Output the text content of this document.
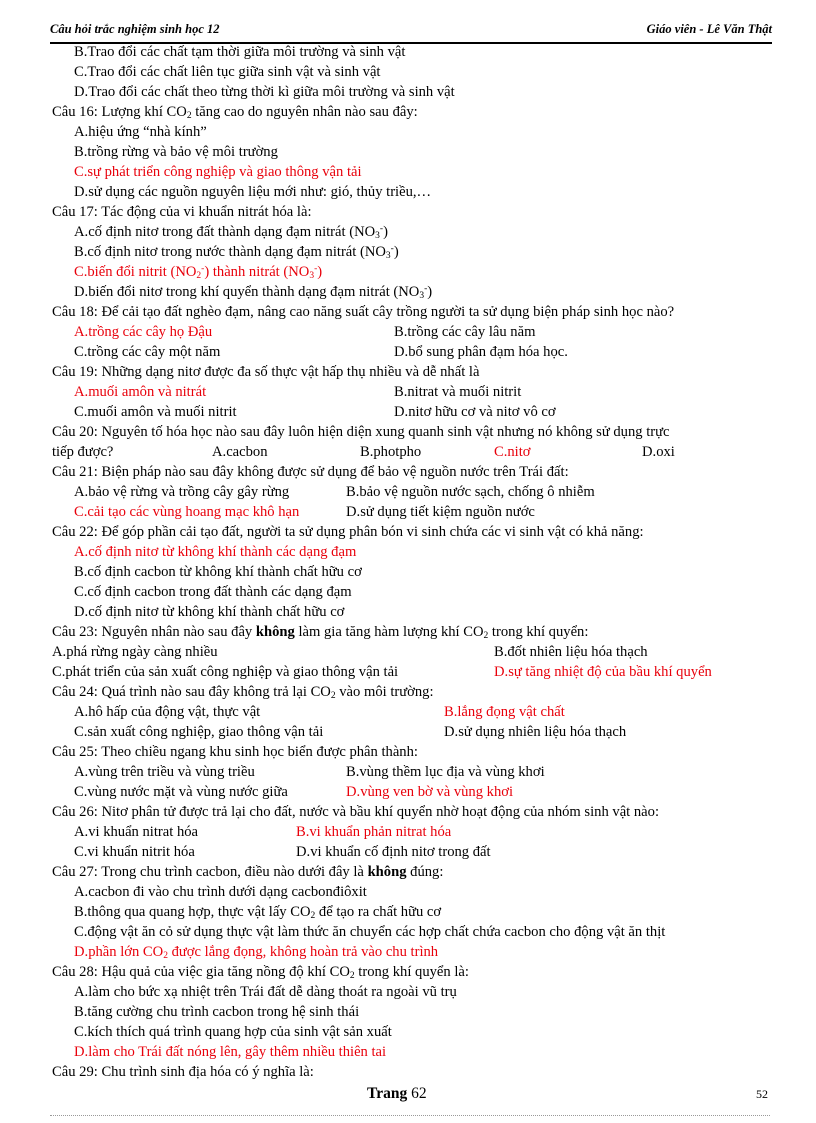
Câu hỏi trắc nghiệm sinh học 12	Giáo viên - Lê Văn Thật
B.Trao đổi các chất tạm thời giữa môi trường và sinh vật
C.Trao đổi các chất liên tục giữa sinh vật và sinh vật
D.Trao đổi các chất theo từng thời kì giữa môi trường và sinh vật
Câu 16: Lượng khí $CO_2$ tăng cao do nguyên nhân nào sau đây:
A.hiệu ứng “nhà kính”
B.trồng rừng và bảo vệ môi trường
C.sự phát triển công nghiệp và giao thông vận tải
D.sử dụng các nguồn nguyên liệu mới như: gió, thủy triều,…
Câu 17: Tác động của vi khuẩn nitrát hóa là:
A.cố định nitơ trong đất thành dạng đạm nitrát $(NO_3^-)$
B.cố định nitơ trong nước thành dạng đạm nitrát $(NO_3^-)$
C.biến đổi nitrit $(NO_2^-)$ thành nitrát $(NO_3^-)$
D.biến đổi nitơ trong khí quyển thành dạng đạm nitrát $(NO_3^-)$
Câu 18: Để cải tạo đất nghèo đạm, nâng cao năng suất cây trồng người ta sử dụng biện pháp sinh học nào?
A.trồng các cây họ Đậu	B.trồng các cây lâu năm
C.trồng các cây một năm	D.bổ sung phân đạm hóa học.
Câu 19: Những dạng nitơ được đa số thực vật hấp thụ nhiều và dễ nhất là
A.muối amôn và nitrát	B.nitrat và muối nitrit
C.muối amôn và muối nitrit	D.nitơ hữu cơ và nitơ vô cơ
Câu 20: Nguyên tố hóa học nào sau đây luôn hiện diện xung quanh sinh vật nhưng nó không sử dụng trực
tiếp được?	A.cacbon	B.photpho	C.nitơ	D.oxi
Câu 21: Biện pháp nào sau đây không được sử dụng để bảo vệ nguồn nước trên Trái đất:
A.bảo vệ rừng và trồng cây gây rừng	B.bảo vệ nguồn nước sạch, chống ô nhiễm
C.cải tạo các vùng hoang mạc khô hạn	D.sử dụng tiết kiệm nguồn nước
Câu 22: Để góp phần cải tạo đất, người ta sử dụng phân bón vi sinh chứa các vi sinh vật có khả năng:
A.cố định nitơ từ không khí thành các dạng đạm
B.cố định cacbon từ không khí thành chất hữu cơ
C.cố định cacbon trong đất thành các dạng đạm
D.cố định nitơ từ không khí thành chất hữu cơ
Câu 23: Nguyên nhân nào sau đây không làm gia tăng hàm lượng khí $CO_2$ trong khí quyển:
A.phá rừng ngày càng nhiều	B.đốt nhiên liệu hóa thạch
C.phát triển của sản xuất công nghiệp và giao thông vận tải	D.sự tăng nhiệt độ của bầu khí quyển
Câu 24: Quá trình nào sau đây không trả lại $CO_2$ vào môi trường:
A.hô hấp của động vật, thực vật	B.lắng đọng vật chất
C.sản xuất công nghiệp, giao thông vận tải	D.sử dụng nhiên liệu hóa thạch
Câu 25: Theo chiều ngang khu sinh học biển được phân thành:
A.vùng trên triều và vùng triều	B.vùng thềm lục địa và vùng khơi
C.vùng nước mặt và vùng nước giữa	D.vùng ven bờ và vùng khơi
Câu 26: Nitơ phân tử được trả lại cho đất, nước và bầu khí quyển nhờ hoạt động của nhóm sinh vật nào:
A.vi khuẩn nitrat hóa	B.vi khuẩn phản nitrat hóa
C.vi khuẩn nitrit hóa	D.vi khuẩn cố định nitơ trong đất
Câu 27: Trong chu trình cacbon, điều nào dưới đây là không đúng:
A.cacbon đi vào chu trình dưới dạng cacbonđiôxit
B.thông qua quang hợp, thực vật lấy $CO_2$ để tạo ra chất hữu cơ
C.động vật ăn cỏ sử dụng thực vật làm thức ăn chuyển các hợp chất chứa cacbon cho động vật ăn thịt
D.phần lớn $CO_2$ được lắng đọng, không hoàn trả vào chu trình
Câu 28: Hậu quả của việc gia tăng nồng độ khí $CO_2$ trong khí quyển là:
A.làm cho bức xạ nhiệt trên Trái đất dễ dàng thoát ra ngoài vũ trụ
B.tăng cường chu trình cacbon trong hệ sinh thái
C.kích thích quá trình quang hợp của sinh vật sản xuất
D.làm cho Trái đất nóng lên, gây thêm nhiều thiên tai
Câu 29: Chu trình sinh địa hóa có ý nghĩa là:
Trang 62	52
